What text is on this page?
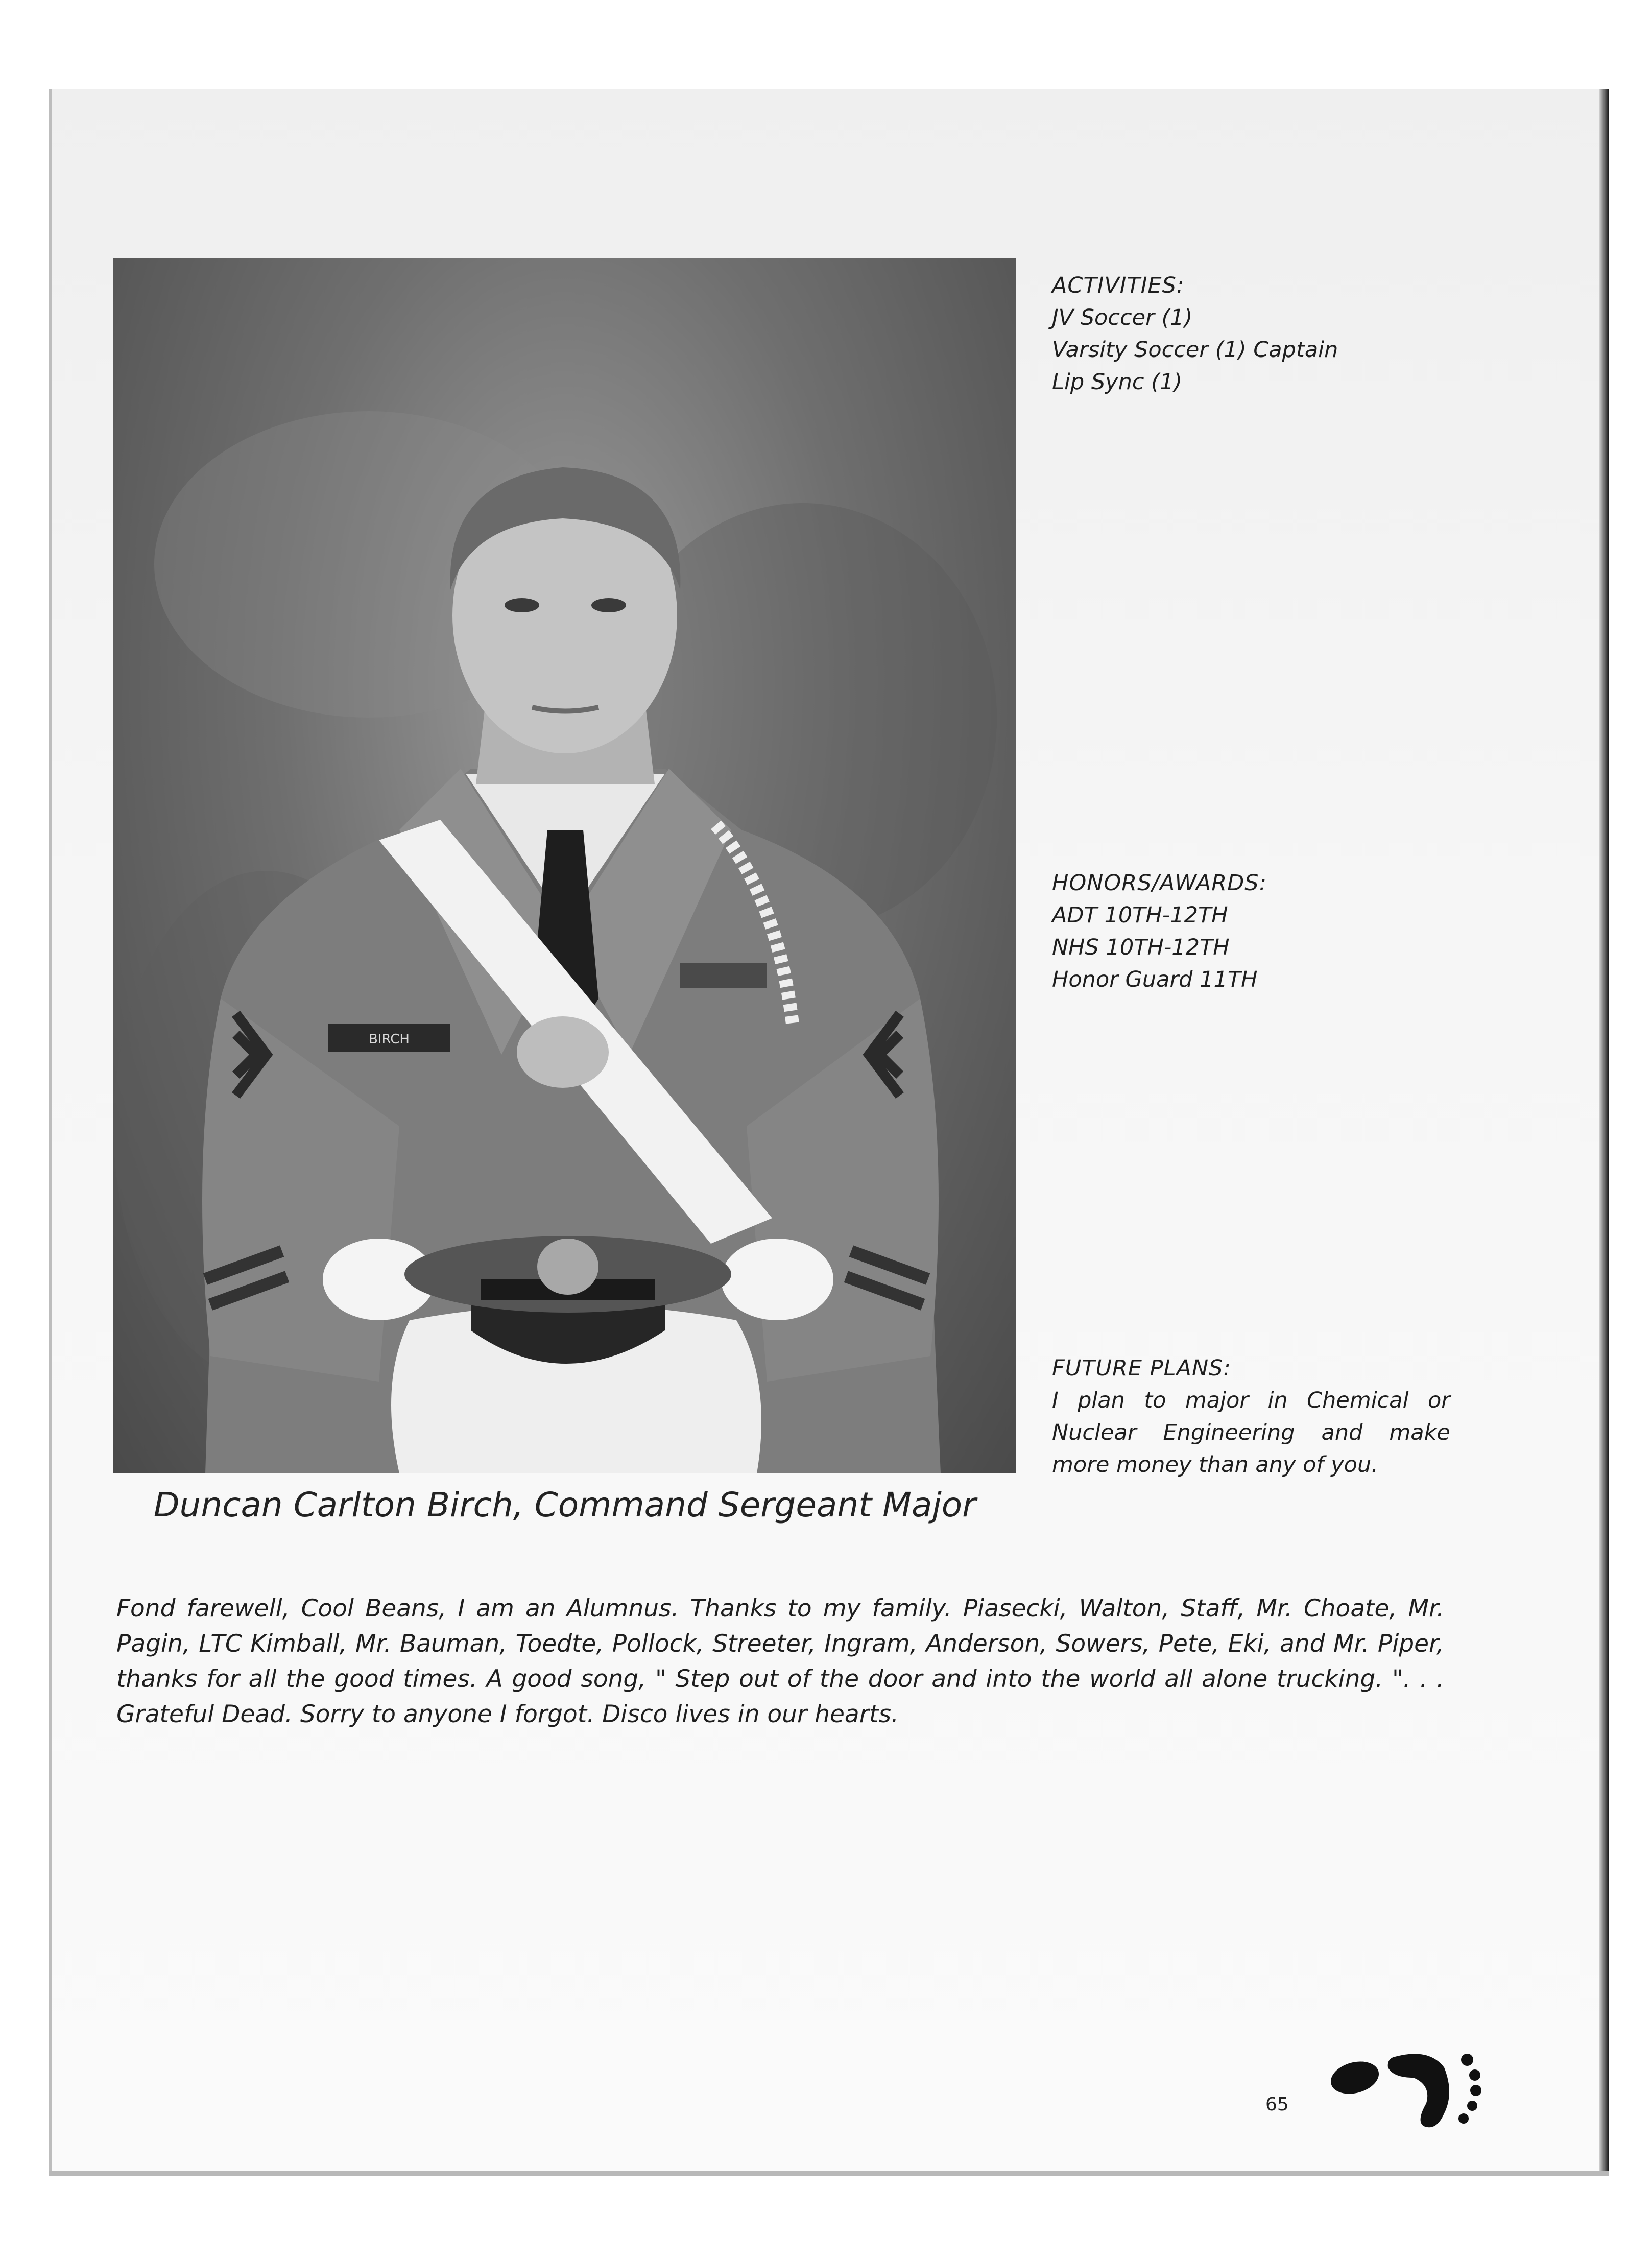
BIRCH
Duncan Carlton Birch, Command Sergeant Major
ACTIVITIES:
JV Soccer (1)
Varsity Soccer (1) Captain
Lip Sync (1)
HONORS/AWARDS:
ADT 10TH-12TH
NHS 10TH-12TH
Honor Guard 11TH
FUTURE PLANS:
I plan to major in Chemical or Nuclear Engineering and make more money than any of you.
Fond farewell, Cool Beans, I am an Alumnus. Thanks to my family. Piasecki, Walton, Staff, Mr. Choate, Mr. Pagin, LTC Kimball, Mr. Bauman, Toedte, Pollock, Streeter, Ingram, Anderson, Sowers, Pete, Eki, and Mr. Piper, thanks for all the good times. A good song, " Step out of the door and into the world all alone trucking. ". . . Grateful Dead. Sorry to anyone I forgot. Disco lives in our hearts.
65
